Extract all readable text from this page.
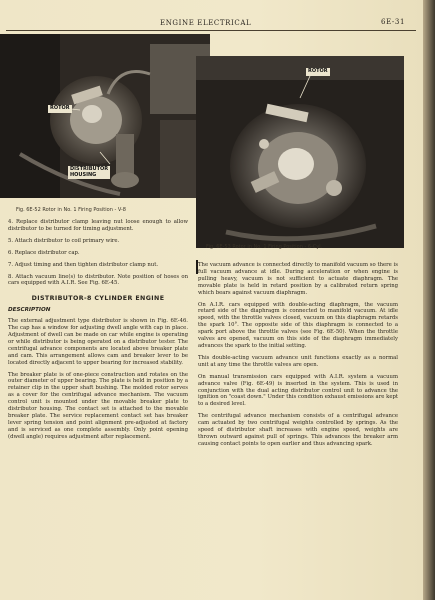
ENGINE ELECTRICAL	6E-31
ROTOR
DISTRIBUTOR
HOUSING
Fig. 6E-52 Rotor in No. 1 Firing Position - V-8
ROTOR
Fig. 6E-53 Rotor in No. 1 Firing Position - 6-Cyl.

4. Replace distributor clamp leaving nut loose enough to allow distributor to be turned for timing adjustment.

5. Attach distributor to coil primary wire.

6. Replace distributor cap.

7. Adjust timing and then tighten distributor clamp nut.

8. Attach vacuum line(s) to distributor. Note position of hoses on cars equipped with A.I.R. See Fig. 6E-45.

DISTRIBUTOR-8 CYLINDER ENGINE
DESCRIPTION

The external adjustment type distributor is shown in Fig. 6E-46. The cap has a window for adjusting dwell angle with cap in place. Adjustment of dwell can be made on car while engine is operating or while distributor is being operated on a distributor tester. The centrifugal advance components are located above breaker plate and cam. This arrangement allows cam and breaker lever to be located directly adjacent to upper bearing for increased stability.

The breaker plate is of one-piece construction and rotates on the outer diameter of upper bearing. The plate is held in position by a retainer clip in the upper shaft bushing. The molded rotor serves as a cover for the centrifugal advance mechanism. The vacuum control unit is mounted under the movable breaker plate to distributor housing. The contact set is attached to the movable breaker plate. The service replacement contact set has breaker lever spring tension and point alignment pre-adjusted at factory and is serviced as one complete assembly. Only point opening (dwell angle) requires adjustment after replacement.

The vacuum advance is connected directly to manifold vacuum so there is full vacuum advance at idle. During acceleration or when engine is pulling heavy, vacuum is not sufficient to actuate diaphragm. The movable plate is held in retard position by a calibrated return spring which bears against vacuum diaphragm.

On A.I.R. cars equipped with double-acting diaphragm, the vacuum retard side of the diaphragm is connected to manifold vacuum. At idle speed, with the throttle valves closed, vacuum on this diaphragm retards the spark 10°. The opposite side of this diaphragm is connected to a spark port above the throttle valves (see Fig. 6E-50). When the throttle valves are opened, vacuum on this side of the diaphragm immediately advances the spark to the initial setting.

This double-acting vacuum advance unit functions exactly as a normal unit at any time the throttle valves are open.

On manual transmission cars equipped with A.I.R. system a vacuum advance valve (Fig. 6E-49) is inserted in the system. This is used in conjunction with the dual acting distributor control unit to advance the ignition on "coast down." Under this condition exhaust emissions are kept to a desired level.

The centrifugal advance mechanism consists of a centrifugal advance cam actuated by two centrifugal weights controlled by springs. As the speed of distributor shaft increases with engine speed, weights are thrown outward against pull of springs. This advances the breaker arm causing contact points to open earlier and thus advancing spark.
